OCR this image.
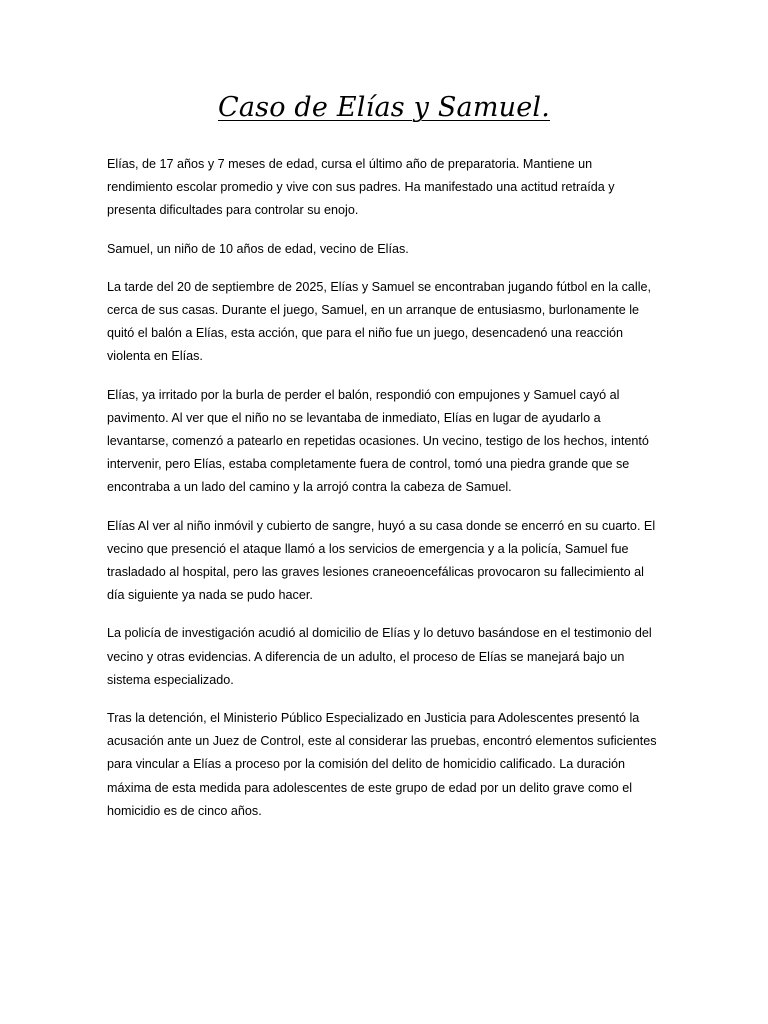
Caso de Elías y Samuel.

Elías, de 17 años y 7 meses de edad, cursa el último año de preparatoria. Mantiene un rendimiento escolar promedio y vive con sus padres. Ha manifestado una actitud retraída y presenta dificultades para controlar su enojo.

Samuel, un niño de 10 años de edad, vecino de Elías.

La tarde del 20 de septiembre de 2025, Elías y Samuel se encontraban jugando fútbol en la calle, cerca de sus casas. Durante el juego, Samuel, en un arranque de entusiasmo, burlonamente le quitó el balón a Elías, esta acción, que para el niño fue un juego, desencadenó una reacción violenta en Elías.

Elías, ya irritado por la burla de perder el balón, respondió con empujones y Samuel cayó al pavimento. Al ver que el niño no se levantaba de inmediato, Elías en lugar de ayudarlo a levantarse, comenzó a patearlo en repetidas ocasiones. Un vecino, testigo de los hechos, intentó intervenir, pero Elías, estaba completamente fuera de control, tomó una piedra grande que se encontraba a un lado del camino y la arrojó contra la cabeza de Samuel.

Elías Al ver al niño inmóvil y cubierto de sangre, huyó a su casa donde se encerró en su cuarto. El vecino que presenció el ataque llamó a los servicios de emergencia y a la policía, Samuel fue trasladado al hospital, pero las graves lesiones craneoencefálicas provocaron su fallecimiento al día siguiente ya nada se pudo hacer.

La policía de investigación acudió al domicilio de Elías y lo detuvo basándose en el testimonio del vecino y otras evidencias. A diferencia de un adulto, el proceso de Elías se manejará bajo un sistema especializado.

Tras la detención, el Ministerio Público Especializado en Justicia para Adolescentes presentó la acusación ante un Juez de Control, este al considerar las pruebas, encontró elementos suficientes para vincular a Elías a proceso por la comisión del delito de homicidio calificado. La duración máxima de esta medida para adolescentes de este grupo de edad por un delito grave como el homicidio es de cinco años.
